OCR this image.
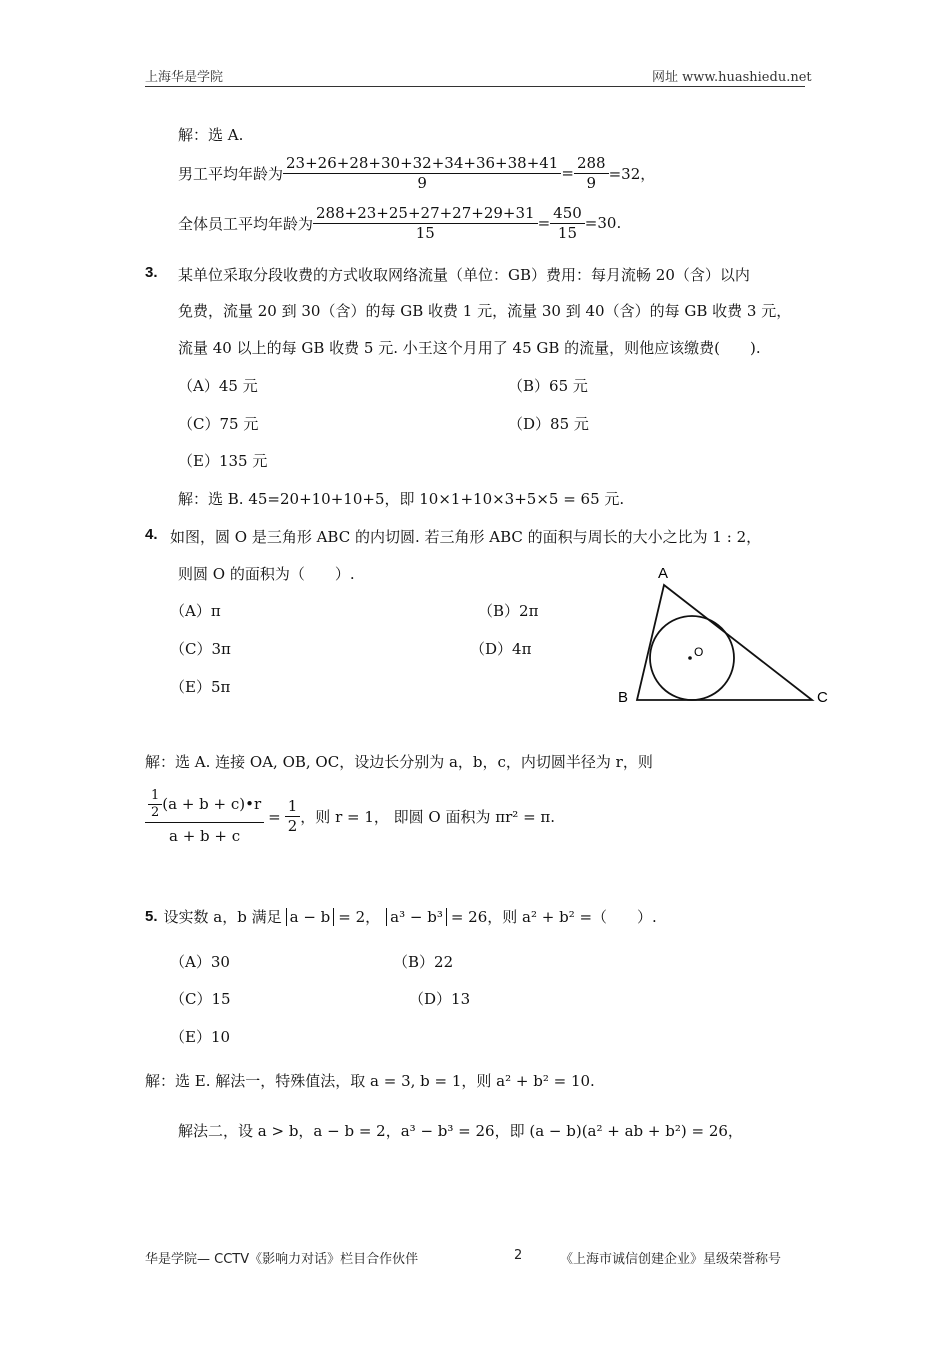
上海华是学院	网址 www.huashiedu.net
解：选 A.
男工平均年龄为 $\frac{23+26+28+30+32+34+36+38+41}{9} = \frac{288}{9} =32$，
全体员工平均年龄为 $\frac{288+23+25+27+27+29+31}{15} = \frac{450}{15} =30$.
3. 某单位采取分段收费的方式收取网络流量（单位：GB）费用：每月流畅 20（含）以内
免费，流量 20 到 30（含）的每 GB 收费 1 元，流量 30 到 40（含）的每 GB 收费 3 元，
流量 40 以上的每 GB 收费 5 元. 小王这个月用了 45 GB 的流量，则他应该缴费(　　).
（A）45 元	（B）65 元
（C）75 元	（D）85 元
（E）135 元
解：选 B. 45=20+10+10+5，即 10×1+10×3+5×5 = 65 元.
4. 如图，圆 O 是三角形 ABC 的内切圆. 若三角形 ABC 的面积与周长的大小之比为 1 : 2，
则圆 O 的面积为（　　）.
（A）π	（B）2π
（C）3π	（D）4π
（E）5π
A
B	C
O
解：选 A. 连接 OA, OB, OC，设边长分别为 a，b，c，内切圆半径为 r，则
$\frac{\frac{1}{2} (a + b + c)•r}{a + b + c} = \frac{1}{2}$ ，则 r = 1， 即圆 O 面积为 πr² = π.
5. 设实数 a，b 满足 a − b = 2， a³ − b³ = 26，则 a² + b² =（　　）.
（A）30	（B）22
（C）15	（D）13
（E）10
解：选 E. 解法一，特殊值法，取 a = 3, b = 1，则 a² + b² = 10.
解法二，设 a > b，a − b = 2，a³ − b³ = 26，即 (a − b)(a² + ab + b²) = 26，
华是学院— CCTV《影响力对话》栏目合作伙伴	2	《上海市诚信创建企业》星级荣誉称号
